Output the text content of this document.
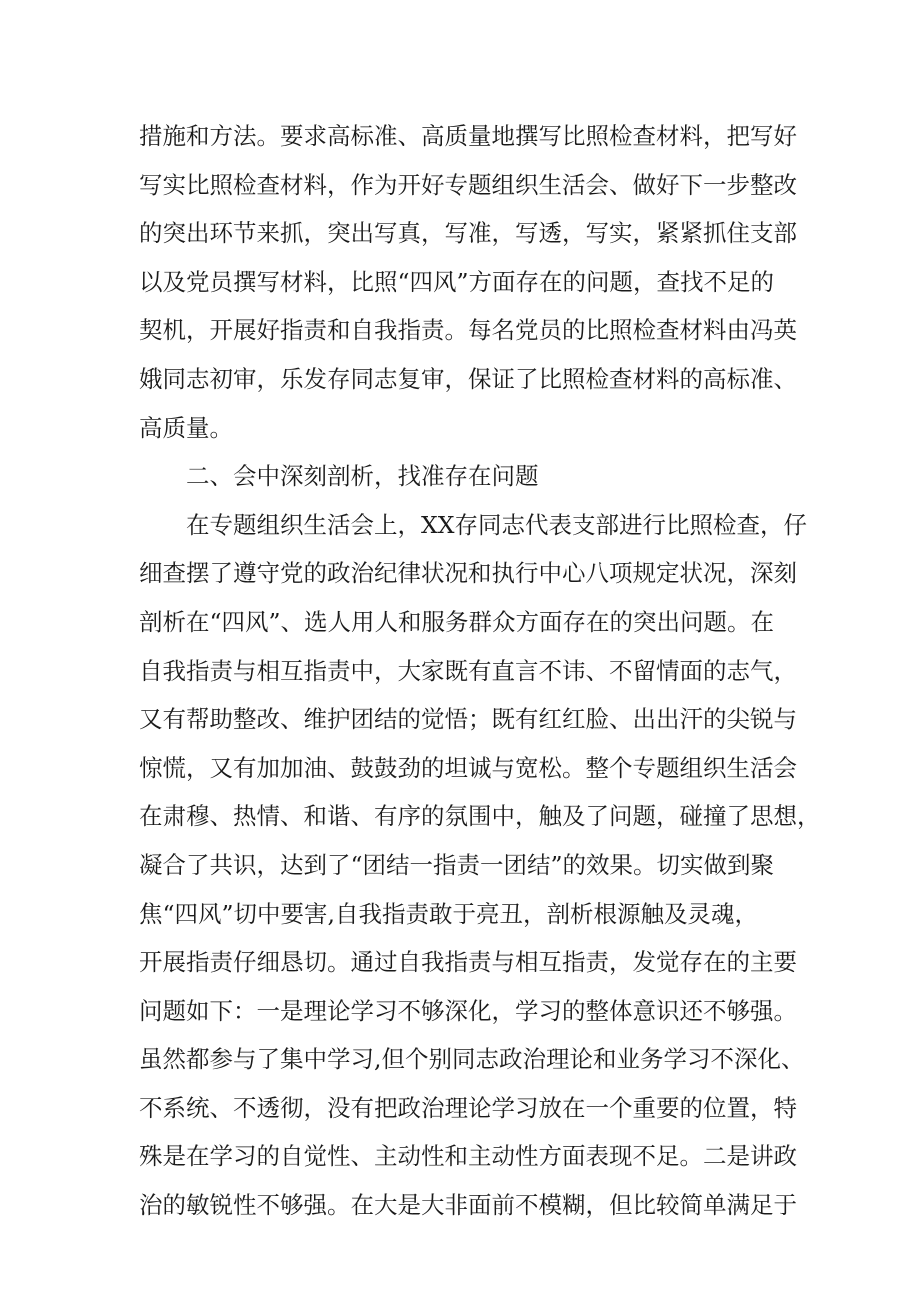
措施和方法。要求高标准、高质量地撰写比照检查材料，把写好
写实比照检查材料，作为开好专题组织生活会、做好下一步整改
的突出环节来抓，突出写真，写准，写透，写实，紧紧抓住支部
以及党员撰写材料，比照“四风”方面存在的问题，查找不足的
契机，开展好指责和自我指责。每名党员的比照检查材料由冯英
娥同志初审，乐发存同志复审，保证了比照检查材料的高标准、
高质量。
二、会中深刻剖析，找准存在问题
在专题组织生活会上，XX存同志代表支部进行比照检查，仔
细查摆了遵守党的政治纪律状况和执行中心八项规定状况，深刻
剖析在“四风”、选人用人和服务群众方面存在的突出问题。在
自我指责与相互指责中，大家既有直言不讳、不留情面的志气，
又有帮助整改、维护团结的觉悟；既有红红脸、出出汗的尖锐与
惊慌，又有加加油、鼓鼓劲的坦诚与宽松。整个专题组织生活会
在肃穆、热情、和谐、有序的氛围中，触及了问题，碰撞了思想，
凝合了共识，达到了“团结一指责一团结”的效果。切实做到聚
焦“四风”切中要害,自我指责敢于亮丑，剖析根源触及灵魂，
开展指责仔细恳切。通过自我指责与相互指责，发觉存在的主要
问题如下：一是理论学习不够深化，学习的整体意识还不够强。
虽然都参与了集中学习,但个别同志政治理论和业务学习不深化、
不系统、不透彻，没有把政治理论学习放在一个重要的位置，特
殊是在学习的自觉性、主动性和主动性方面表现不足。二是讲政
治的敏锐性不够强。在大是大非面前不模糊，但比较简单满足于
